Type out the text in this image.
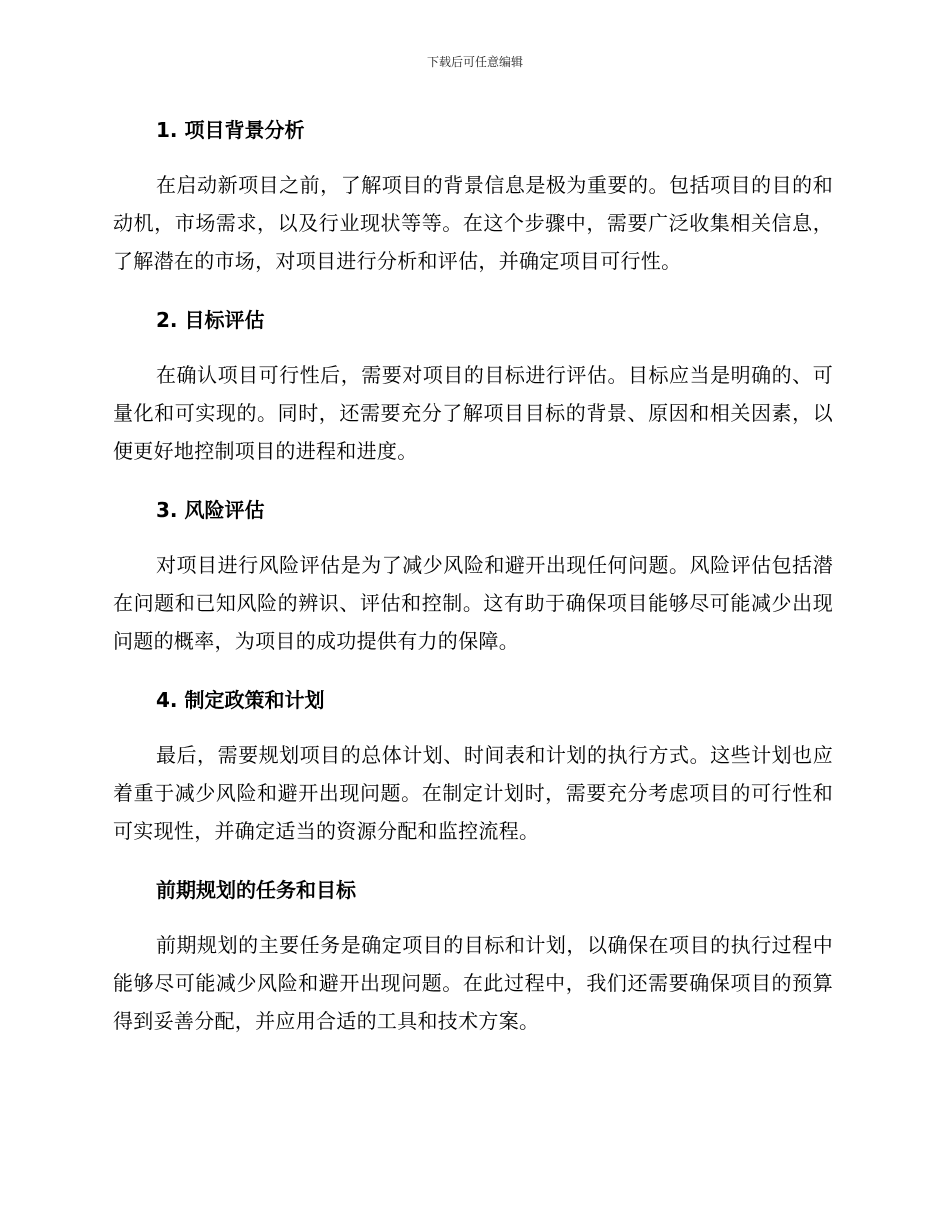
下载后可任意编辑
1. 项目背景分析

在启动新项目之前，了解项目的背景信息是极为重要的。包括项目的目的和动机，市场需求，以及行业现状等等。在这个步骤中，需要广泛收集相关信息，了解潜在的市场，对项目进行分析和评估，并确定项目可行性。

2. 目标评估

在确认项目可行性后，需要对项目的目标进行评估。目标应当是明确的、可量化和可实现的。同时，还需要充分了解项目目标的背景、原因和相关因素，以便更好地控制项目的进程和进度。

3. 风险评估

对项目进行风险评估是为了减少风险和避开出现任何问题。风险评估包括潜在问题和已知风险的辨识、评估和控制。这有助于确保项目能够尽可能减少出现问题的概率，为项目的成功提供有力的保障。

4. 制定政策和计划

最后，需要规划项目的总体计划、时间表和计划的执行方式。这些计划也应着重于减少风险和避开出现问题。在制定计划时，需要充分考虑项目的可行性和可实现性，并确定适当的资源分配和监控流程。

前期规划的任务和目标

前期规划的主要任务是确定项目的目标和计划，以确保在项目的执行过程中能够尽可能减少风险和避开出现问题。在此过程中，我们还需要确保项目的预算得到妥善分配，并应用合适的工具和技术方案。
